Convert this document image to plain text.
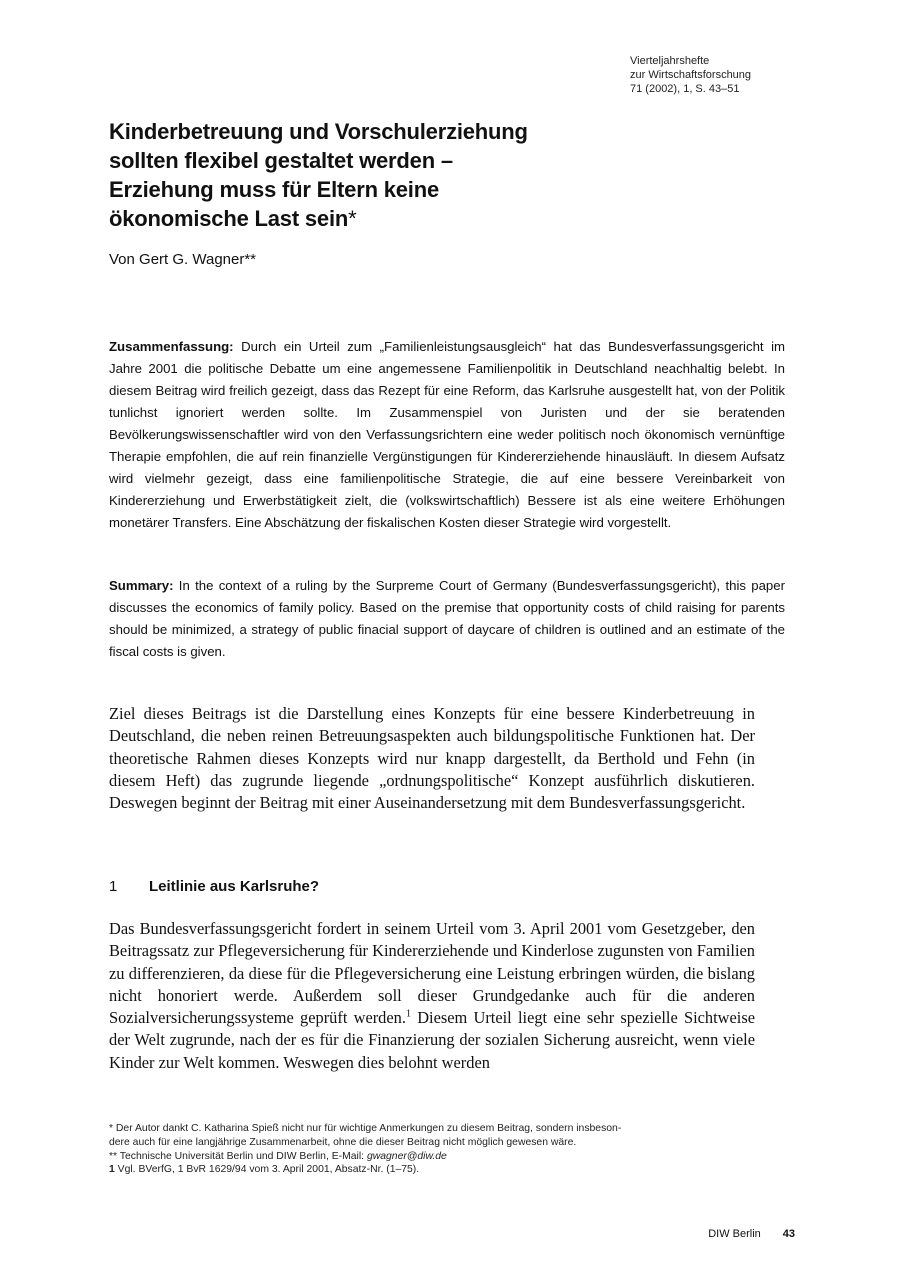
Vierteljahrshefte
zur Wirtschaftsforschung
71 (2002), 1, S. 43–51
Kinderbetreuung und Vorschulerziehung
sollten flexibel gestaltet werden –
Erziehung muss für Eltern keine
ökonomische Last sein*
Von Gert G. Wagner**

Zusammenfassung: Durch ein Urteil zum „Familienleistungsausgleich“ hat das Bundesverfassungsgericht im Jahre 2001 die politische Debatte um eine angemessene Familienpolitik in Deutschland neachhaltig belebt. In diesem Beitrag wird freilich gezeigt, dass das Rezept für eine Reform, das Karlsruhe ausgestellt hat, von der Politik tunlichst ignoriert werden sollte. Im Zusammenspiel von Juristen und der sie beratenden Bevölkerungswissenschaftler wird von den Verfassungsrichtern eine weder politisch noch ökonomisch vernünftige Therapie empfohlen, die auf rein finanzielle Vergünstigungen für Kindererziehende hinausläuft. In diesem Aufsatz wird vielmehr gezeigt, dass eine familienpolitische Strategie, die auf eine bessere Vereinbarkeit von Kindererziehung und Erwerbstätigkeit zielt, die (volkswirtschaftlich) Bessere ist als eine weitere Erhöhungen monetärer Transfers. Eine Abschätzung der fiskalischen Kosten dieser Strategie wird vorgestellt.

Summary: In the context of a ruling by the Surpreme Court of Germany (Bundesverfassungsgericht), this paper discusses the economics of family policy. Based on the premise that opportunity costs of child raising for parents should be minimized, a strategy of public finacial support of daycare of children is outlined and an estimate of the fiscal costs is given.

Ziel dieses Beitrags ist die Darstellung eines Konzepts für eine bessere Kinderbetreuung in Deutschland, die neben reinen Betreuungsaspekten auch bildungspolitische Funktionen hat. Der theoretische Rahmen dieses Konzepts wird nur knapp dargestellt, da Berthold und Fehn (in diesem Heft) das zugrunde liegende „ordnungspolitische“ Konzept ausführlich diskutieren. Deswegen beginnt der Beitrag mit einer Auseinandersetzung mit dem Bundesverfassungsgericht.

1 Leitlinie aus Karlsruhe?

Das Bundesverfassungsgericht fordert in seinem Urteil vom 3. April 2001 vom Gesetzgeber, den Beitragssatz zur Pflegeversicherung für Kindererziehende und Kinderlose zugunsten von Familien zu differenzieren, da diese für die Pflegeversicherung eine Leistung erbringen würden, die bislang nicht honoriert werde. Außerdem soll dieser Grundgedanke auch für die anderen Sozialversicherungssysteme geprüft werden.$^1$ Diesem Urteil liegt eine sehr spezielle Sichtweise der Welt zugrunde, nach der es für die Finanzierung der sozialen Sicherung ausreicht, wenn viele Kinder zur Welt kommen. Weswegen dies belohnt werden

* Der Autor dankt C. Katharina Spieß nicht nur für wichtige Anmerkungen zu diesem Beitrag, sondern insbeson-
dere auch für eine langjährige Zusammenarbeit, ohne die dieser Beitrag nicht möglich gewesen wäre.
** Technische Universität Berlin und DIW Berlin, E-Mail: gwagner@diw.de
1 Vgl. BVerfG, 1 BvR 1629/94 vom 3. April 2001, Absatz-Nr. (1–75).
DIW Berlin 43
